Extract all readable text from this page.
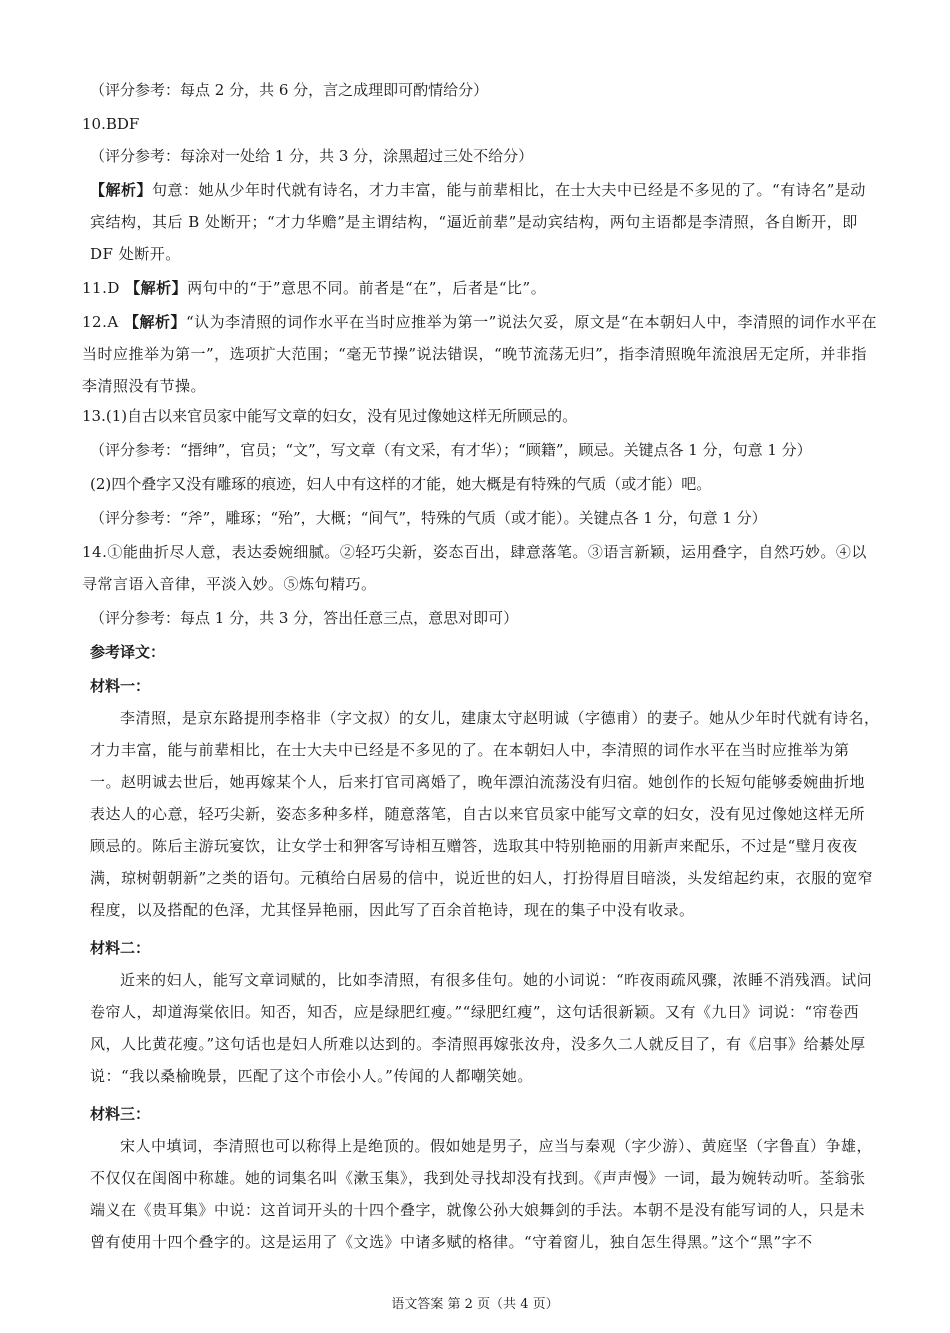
（评分参考：每点 2 分，共 6 分，言之成理即可酌情给分）
10.BDF
（评分参考：每涂对一处给 1 分，共 3 分，涂黑超过三处不给分）
【解析】句意：她从少年时代就有诗名，才力丰富，能与前辈相比，在士大夫中已经是不多见的了。“有诗名”是动宾结构，其后 B 处断开；“才力华赡”是主谓结构，“逼近前辈”是动宾结构，两句主语都是李清照，各自断开，即 DF 处断开。
11.D 【解析】两句中的“于”意思不同。前者是“在”，后者是“比”。
12.A 【解析】“认为李清照的词作水平在当时应推举为第一”说法欠妥，原文是“在本朝妇人中，李清照的词作水平在当时应推举为第一”，选项扩大范围；“毫无节操”说法错误，“晚节流荡无归”，指李清照晚年流浪居无定所，并非指李清照没有节操。
13.(1)自古以来官员家中能写文章的妇女，没有见过像她这样无所顾忌的。
（评分参考：“搢绅”，官员；“文”，写文章（有文采，有才华）；“顾籍”，顾忌。关键点各 1 分，句意 1 分）
(2)四个叠字又没有雕琢的痕迹，妇人中有这样的才能，她大概是有特殊的气质（或才能）吧。
（评分参考：“斧”，雕琢；“殆”，大概；“间气”，特殊的气质（或才能）。关键点各 1 分，句意 1 分）
14.①能曲折尽人意，表达委婉细腻。②轻巧尖新，姿态百出，肆意落笔。③语言新颖，运用叠字，自然巧妙。④以寻常言语入音律，平淡入妙。⑤炼句精巧。
（评分参考：每点 1 分，共 3 分，答出任意三点，意思对即可）
参考译文：
材料一：
李清照，是京东路提刑李格非（字文叔）的女儿，建康太守赵明诚（字德甫）的妻子。她从少年时代就有诗名，才力丰富，能与前辈相比，在士大夫中已经是不多见的了。在本朝妇人中，李清照的词作水平在当时应推举为第一。赵明诚去世后，她再嫁某个人，后来打官司离婚了，晚年漂泊流荡没有归宿。她创作的长短句能够委婉曲折地表达人的心意，轻巧尖新，姿态多种多样，随意落笔，自古以来官员家中能写文章的妇女，没有见过像她这样无所顾忌的。陈后主游玩宴饮，让女学士和狎客写诗相互赠答，选取其中特别艳丽的用新声来配乐，不过是“璧月夜夜满，琼树朝朝新”之类的语句。元稹给白居易的信中，说近世的妇人，打扮得眉目暗淡，头发绾起约束，衣服的宽窄程度，以及搭配的色泽，尤其怪异艳丽，因此写了百余首艳诗，现在的集子中没有收录。
材料二：
近来的妇人，能写文章词赋的，比如李清照，有很多佳句。她的小词说：“昨夜雨疏风骤，浓睡不消残酒。试问卷帘人，却道海棠依旧。知否，知否，应是绿肥红瘦。”“绿肥红瘦”，这句话很新颖。又有《九日》词说：“帘卷西风，人比黄花瘦。”这句话也是妇人所难以达到的。李清照再嫁张汝舟，没多久二人就反目了，有《启事》给綦处厚说：“我以桑榆晚景，匹配了这个市侩小人。”传闻的人都嘲笑她。
材料三：
宋人中填词，李清照也可以称得上是绝顶的。假如她是男子，应当与秦观（字少游）、黄庭坚（字鲁直）争雄，不仅仅在闺阁中称雄。她的词集名叫《漱玉集》，我到处寻找却没有找到。《声声慢》一词，最为婉转动听。荃翁张端义在《贵耳集》中说：这首词开头的十四个叠字，就像公孙大娘舞剑的手法。本朝不是没有能写词的人，只是未曾有使用十四个叠字的。这是运用了《文选》中诸多赋的格律。“守着窗儿，独自怎生得黑。”这个“黑”字不
语文答案 第 2 页（共 4 页）
